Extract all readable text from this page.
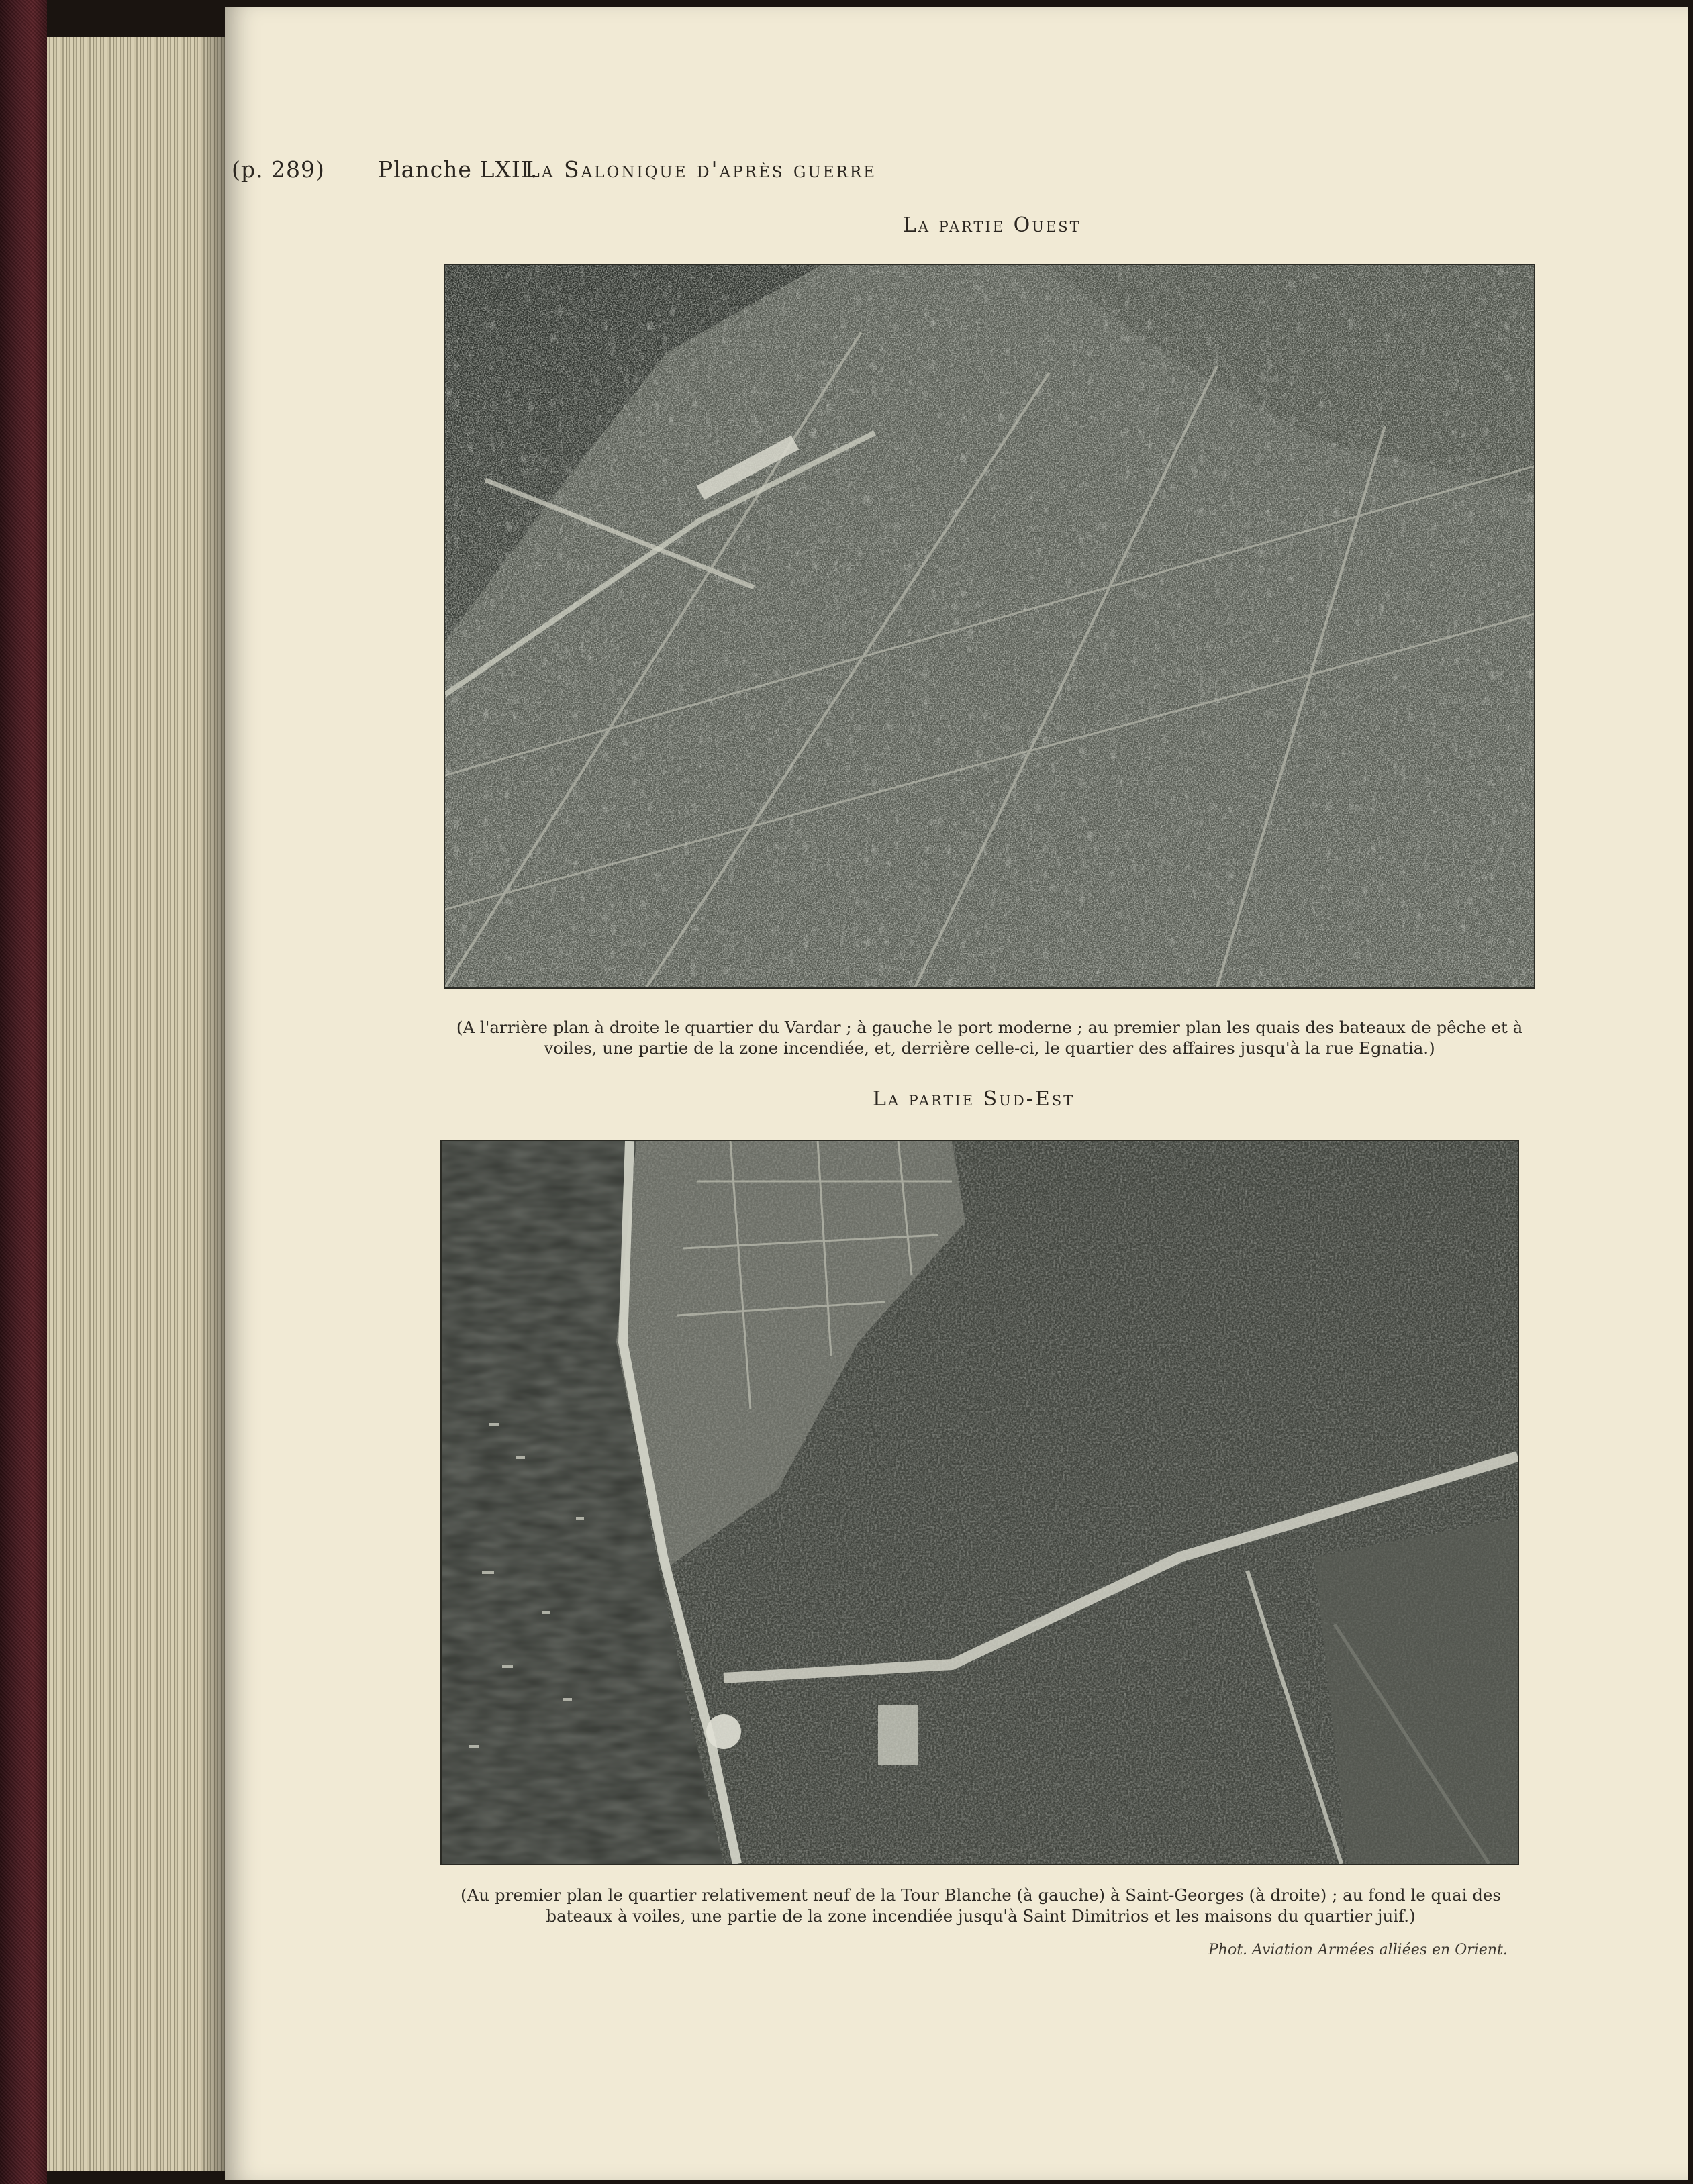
(p. 289) Planche LXII.
La Salonique d'après guerre
La partie Ouest
(A l'arrière plan à droite le quartier du Vardar ; à gauche le port moderne ; au premier plan les quais des bateaux de pêche et à
voiles, une partie de la zone incendiée, et, derrière celle-ci, le quartier des affaires jusqu'à la rue Egnatia.)
La partie Sud-Est
(Au premier plan le quartier relativement neuf de la Tour Blanche (à gauche) à Saint-Georges (à droite) ; au fond le quai des
bateaux à voiles, une partie de la zone incendiée jusqu'à Saint Dimitrios et les maisons du quartier juif.)
Phot. Aviation Armées alliées en Orient.
